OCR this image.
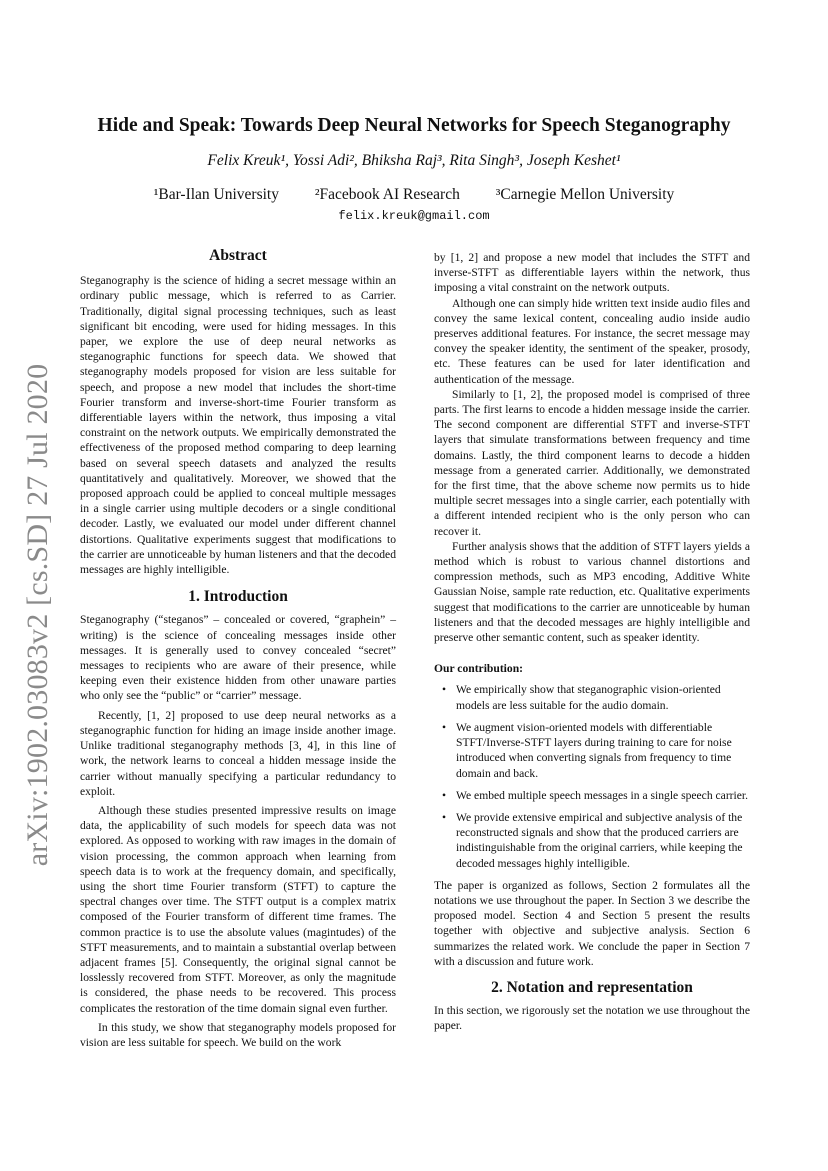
arXiv:1902.03083v2 [cs.SD] 27 Jul 2020
Hide and Speak: Towards Deep Neural Networks for Speech Steganography
Felix Kreuk¹, Yossi Adi², Bhiksha Raj³, Rita Singh³, Joseph Keshet¹
¹Bar-Ilan University ²Facebook AI Research ³Carnegie Mellon University
felix.kreuk@gmail.com
Abstract

Steganography is the science of hiding a secret message within an ordinary public message, which is referred to as Carrier. Traditionally, digital signal processing techniques, such as least significant bit encoding, were used for hiding messages. In this paper, we explore the use of deep neural networks as steganographic functions for speech data. We showed that steganography models proposed for vision are less suitable for speech, and propose a new model that includes the short-time Fourier transform and inverse-short-time Fourier transform as differentiable layers within the network, thus imposing a vital constraint on the network outputs. We empirically demonstrated the effectiveness of the proposed method comparing to deep learning based on several speech datasets and analyzed the results quantitatively and qualitatively. Moreover, we showed that the proposed approach could be applied to conceal multiple messages in a single carrier using multiple decoders or a single conditional decoder. Lastly, we evaluated our model under different channel distortions. Qualitative experiments suggest that modifications to the carrier are unnoticeable by human listeners and that the decoded messages are highly intelligible.

1. Introduction

Steganography (“steganos” – concealed or covered, “graphein” – writing) is the science of concealing messages inside other messages. It is generally used to convey concealed “secret” messages to recipients who are aware of their presence, while keeping even their existence hidden from other unaware parties who only see the “public” or “carrier” message.

Recently, [1, 2] proposed to use deep neural networks as a steganographic function for hiding an image inside another image. Unlike traditional steganography methods [3, 4], in this line of work, the network learns to conceal a hidden message inside the carrier without manually specifying a particular redundancy to exploit.

Although these studies presented impressive results on image data, the applicability of such models for speech data was not explored. As opposed to working with raw images in the domain of vision processing, the common approach when learning from speech data is to work at the frequency domain, and specifically, using the short time Fourier transform (STFT) to capture the spectral changes over time. The STFT output is a complex matrix composed of the Fourier transform of different time frames. The common practice is to use the absolute values (magintudes) of the STFT measurements, and to maintain a substantial overlap between adjacent frames [5]. Consequently, the original signal cannot be losslessly recovered from STFT. Moreover, as only the magnitude is considered, the phase needs to be recovered. This process complicates the restoration of the time domain signal even further.

In this study, we show that steganography models proposed for vision are less suitable for speech. We build on the work

by [1, 2] and propose a new model that includes the STFT and inverse-STFT as differentiable layers within the network, thus imposing a vital constraint on the network outputs.

Although one can simply hide written text inside audio files and convey the same lexical content, concealing audio inside audio preserves additional features. For instance, the secret message may convey the speaker identity, the sentiment of the speaker, prosody, etc. These features can be used for later identification and authentication of the message.

Similarly to [1, 2], the proposed model is comprised of three parts. The first learns to encode a hidden message inside the carrier. The second component are differential STFT and inverse-STFT layers that simulate transformations between frequency and time domains. Lastly, the third component learns to decode a hidden message from a generated carrier. Additionally, we demonstrated for the first time, that the above scheme now permits us to hide multiple secret messages into a single carrier, each potentially with a different intended recipient who is the only person who can recover it.

Further analysis shows that the addition of STFT layers yields a method which is robust to various channel distortions and compression methods, such as MP3 encoding, Additive White Gaussian Noise, sample rate reduction, etc. Qualitative experiments suggest that modifications to the carrier are unnoticeable by human listeners and that the decoded messages are highly intelligible and preserve other semantic content, such as speaker identity.

Our contribution:
• We empirically show that steganographic vision-oriented models are less suitable for the audio domain.
• We augment vision-oriented models with differentiable STFT/Inverse-STFT layers during training to care for noise introduced when converting signals from frequency to time domain and back.
• We embed multiple speech messages in a single speech carrier.
• We provide extensive empirical and subjective analysis of the reconstructed signals and show that the produced carriers are indistinguishable from the original carriers, while keeping the decoded messages highly intelligible.

The paper is organized as follows, Section 2 formulates all the notations we use throughout the paper. In Section 3 we describe the proposed model. Section 4 and Section 5 present the results together with objective and subjective analysis. Section 6 summarizes the related work. We conclude the paper in Section 7 with a discussion and future work.

2. Notation and representation

In this section, we rigorously set the notation we use throughout the paper.
